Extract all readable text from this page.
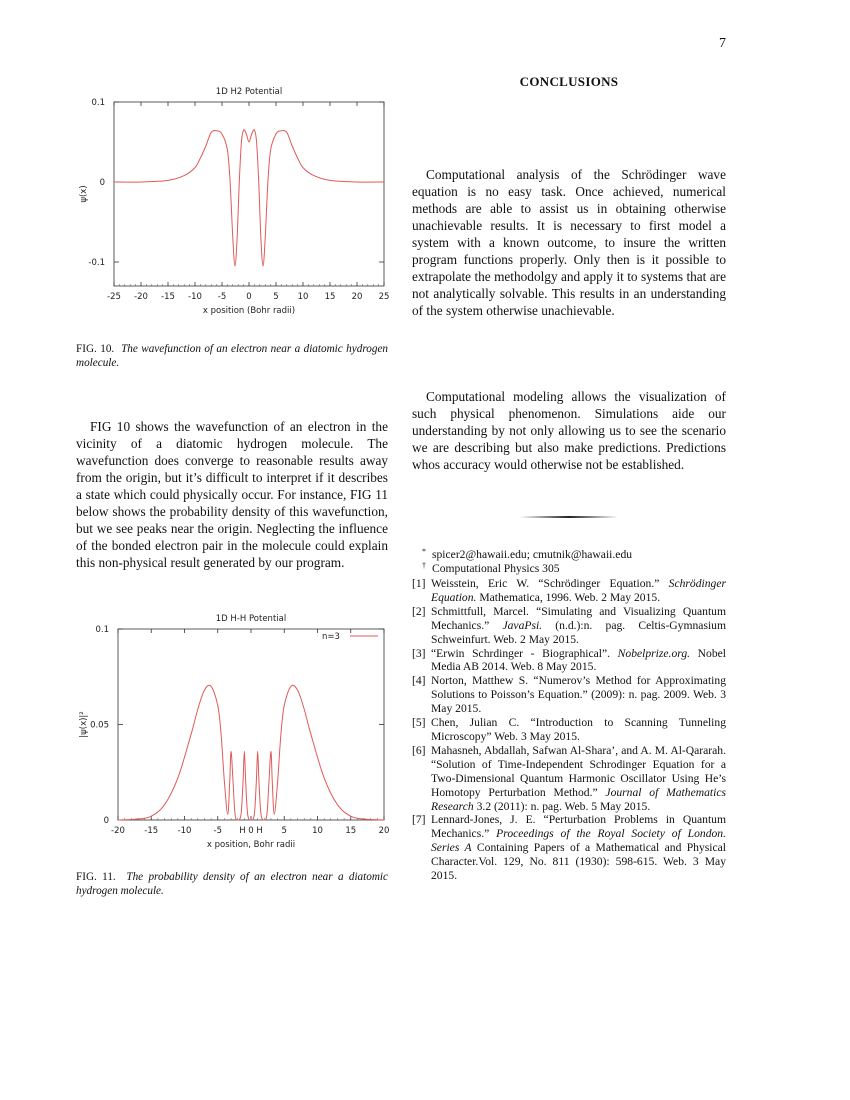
7
1D H2 Potential
-25 -20 -15 -10 -5 0	5 10 15 20 25
0.1
0
-0.1
x position (Bohr radii)
ψ(x)
FIG. 10. The wavefunction of an electron near a diatomic hydrogen molecule.

FIG 10 shows the wavefunction of an electron in the vicinity of a diatomic hydrogen molecule. The wavefunction does converge to reasonable results away from the origin, but it’s difficult to interpret if it describes a state which could physically occur. For instance, FIG 11 below shows the probability density of this wavefunction, but we see peaks near the origin. Neglecting the influence of the bonded electron pair in the molecule could explain this non-physical result generated by our program.

1D H-H Potential
-20 -15 -10	-5 H 0 H 5	10	15	20
0.1
0.05
0
x position, Bohr radii
|ψ(x)|²
n=3
FIG. 11. The probability density of an electron near a diatomic hydrogen molecule.
CONCLUSIONS

Computational analysis of the Schrödinger wave equation is no easy task. Once achieved, numerical methods are able to assist us in obtaining otherwise unachievable results. It is necessary to first model a system with a known outcome, to insure the written program functions properly. Only then is it possible to extrapolate the methodolgy and apply it to systems that are not analytically solvable. This results in an understanding of the system otherwise unachievable.

Computational modeling allows the visualization of such physical phenomenon. Simulations aide our understanding by not only allowing us to see the scenario we are describing but also make predictions. Predictions whos accuracy would otherwise not be established.

* spicer2@hawaii.edu; cmutnik@hawaii.edu
† Computational Physics 305
[1] Weisstein, Eric W. “Schrödinger Equation.” Schrödinger Equation. Mathematica, 1996. Web. 2 May 2015.
[2] Schmittfull, Marcel. “Simulating and Visualizing Quantum Mechanics.” JavaPsi. (n.d.):n. pag. Celtis-Gymnasium Schweinfurt. Web. 2 May 2015.
[3] “Erwin Schrdinger - Biographical”. Nobelprize.org. Nobel Media AB 2014. Web. 8 May 2015.
[4] Norton, Matthew S. “Numerov’s Method for Approximating Solutions to Poisson’s Equation.” (2009): n. pag. 2009. Web. 3 May 2015.
[5] Chen, Julian C. “Introduction to Scanning Tunneling Microscopy” Web. 3 May 2015.
[6] Mahasneh, Abdallah, Safwan Al-Shara’, and A. M. Al-Qararah. “Solution of Time-Independent Schrodinger Equation for a Two-Dimensional Quantum Harmonic Oscillator Using He’s Homotopy Perturbation Method.” Journal of Mathematics Research 3.2 (2011): n. pag. Web. 5 May 2015.
[7] Lennard-Jones, J. E. “Perturbation Problems in Quantum Mechanics.” Proceedings of the Royal Society of London. Series A Containing Papers of a Mathematical and Physical Character.Vol. 129, No. 811 (1930): 598-615. Web. 3 May 2015.
